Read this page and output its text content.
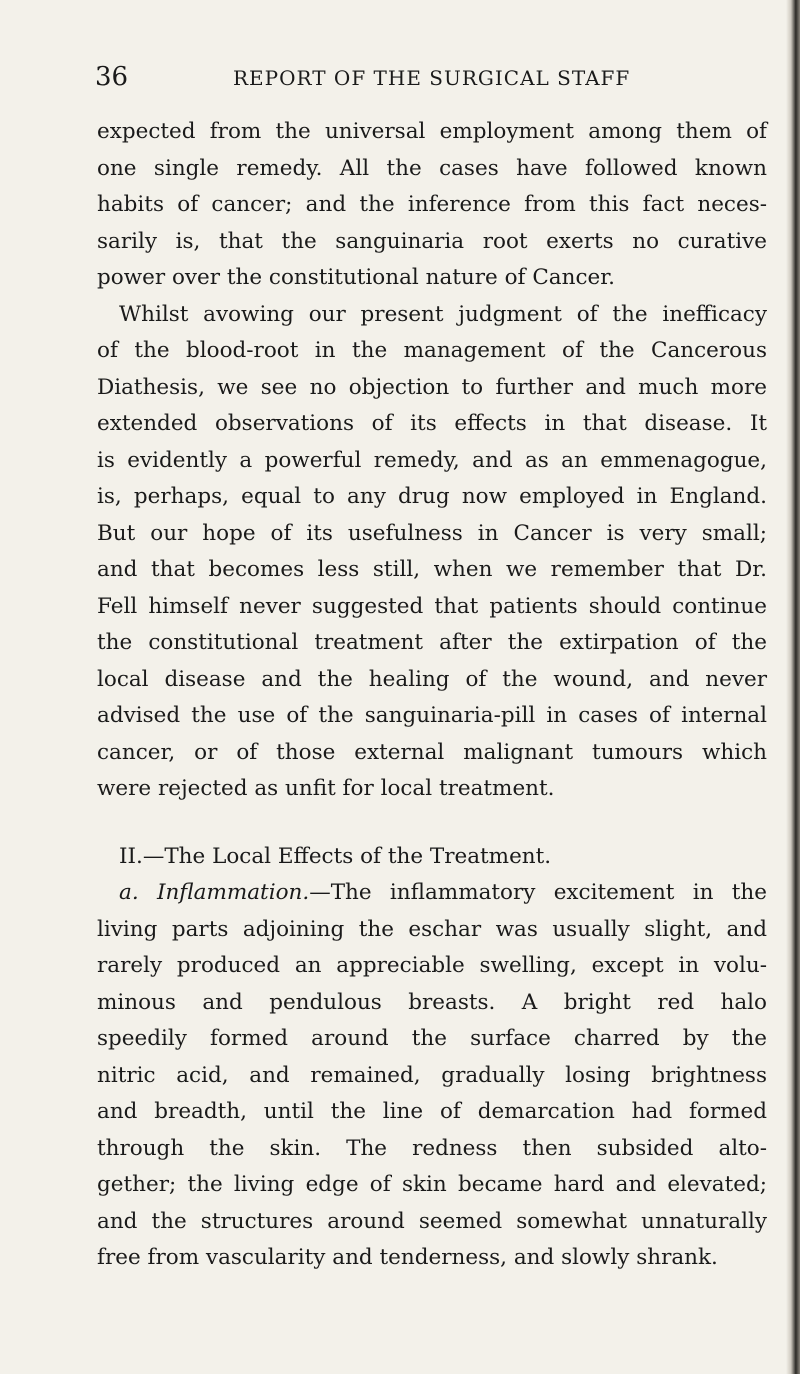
36	REPORT OF THE SURGICAL STAFF
expected from the universal employment among them of
one single remedy. All the cases have followed known
habits of cancer; and the inference from this fact neces-
sarily is, that the sanguinaria root exerts no curative
power over the constitutional nature of Cancer.
Whilst avowing our present judgment of the inefficacy
of the blood-root in the management of the Cancerous
Diathesis, we see no objection to further and much more
extended observations of its effects in that disease. It
is evidently a powerful remedy, and as an emmenagogue,
is, perhaps, equal to any drug now employed in England.
But our hope of its usefulness in Cancer is very small;
and that becomes less still, when we remember that Dr.
Fell himself never suggested that patients should continue
the constitutional treatment after the extirpation of the
local disease and the healing of the wound, and never
advised the use of the sanguinaria-pill in cases of internal
cancer, or of those external malignant tumours which
were rejected as unfit for local treatment.
II.—The Local Effects of the Treatment.
a. Inflammation.—The inflammatory excitement in the
living parts adjoining the eschar was usually slight, and
rarely produced an appreciable swelling, except in volu-
minous and pendulous breasts. A bright red halo
speedily formed around the surface charred by the
nitric acid, and remained, gradually losing brightness
and breadth, until the line of demarcation had formed
through the skin. The redness then subsided alto-
gether; the living edge of skin became hard and elevated;
and the structures around seemed somewhat unnaturally
free from vascularity and tenderness, and slowly shrank.
